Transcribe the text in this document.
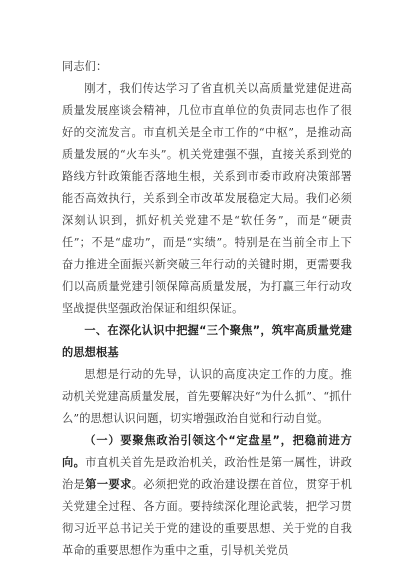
同志们：

刚才，我们传达学习了省直机关以高质量党建促进高质量发展座谈会精神，几位市直单位的负责同志也作了很好的交流发言。市直机关是全市工作的“中枢”，是推动高质量发展的“火车头”。机关党建强不强，直接关系到党的路线方针政策能否落地生根，关系到市委市政府决策部署能否高效执行，关系到全市改革发展稳定大局。我们必须深刻认识到，抓好机关党建不是“软任务”，而是“硬责任”；不是“虚功”，而是“实绩”。特别是在当前全市上下奋力推进全面振兴新突破三年行动的关键时期，更需要我们以高质量党建引领保障高质量发展，为打赢三年行动攻坚战提供坚强政治保证和组织保证。

一、在深化认识中把握“三个聚焦”，筑牢高质量党建的思想根基

思想是行动的先导，认识的高度决定工作的力度。推动机关党建高质量发展，首先要解决好“为什么抓”、“抓什么”的思想认识问题，切实增强政治自觉和行动自觉。

（一）要聚焦政治引领这个“定盘星”，把稳前进方向。市直机关首先是政治机关，政治性是第一属性，讲政治是第一要求。必须把党的政治建设摆在首位，贯穿于机关党建全过程、各方面。要持续深化理论武装，把学习贯彻习近平总书记关于党的建设的重要思想、关于党的自我革命的重要思想作为重中之重，引导机关党员
